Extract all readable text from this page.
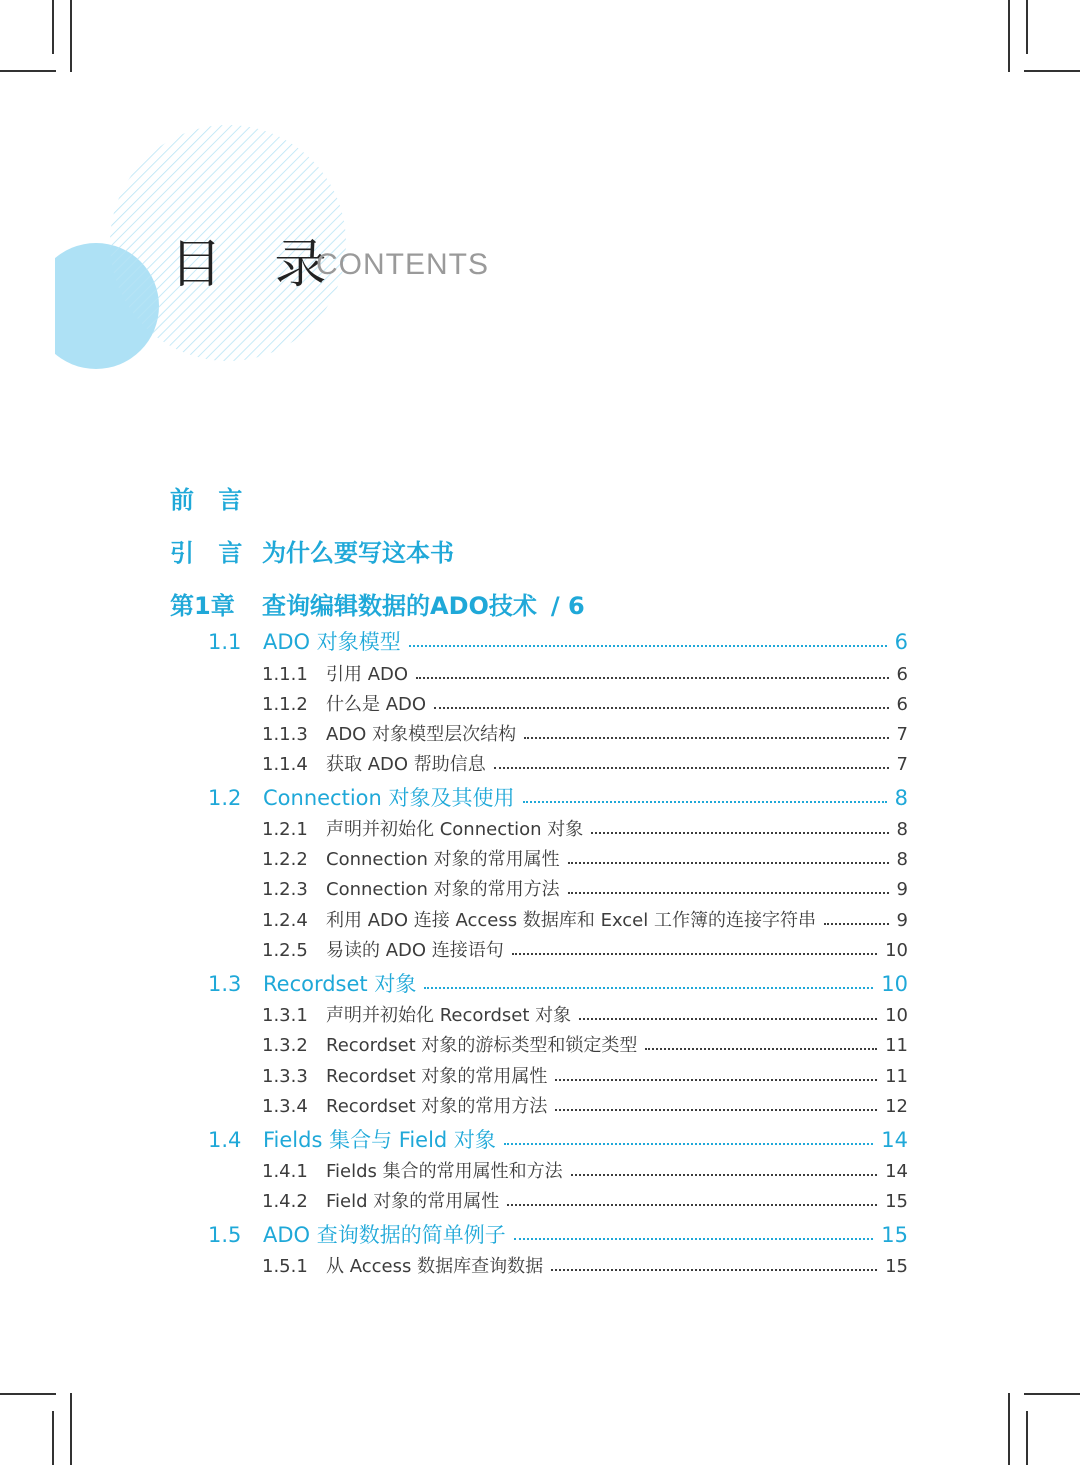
目 录
CONTENTS
前 言
引 言 为什么要写这本书
第1章	查询编辑数据的ADO技术 / 6
1.1	ADO 对象模型	6
1.1.1	引用 ADO	6
1.1.2	什么是 ADO	6
1.1.3	ADO 对象模型层次结构	7
1.1.4	获取 ADO 帮助信息	7
1.2	Connection 对象及其使用	8
1.2.1	声明并初始化 Connection 对象	8
1.2.2	Connection 对象的常用属性	8
1.2.3	Connection 对象的常用方法	9
1.2.4	利用 ADO 连接 Access 数据库和 Excel 工作簿的连接字符串	9
1.2.5	易读的 ADO 连接语句	10
1.3	Recordset 对象	10
1.3.1	声明并初始化 Recordset 对象	10
1.3.2	Recordset 对象的游标类型和锁定类型	11
1.3.3	Recordset 对象的常用属性	11
1.3.4	Recordset 对象的常用方法	12
1.4	Fields 集合与 Field 对象	14
1.4.1	Fields 集合的常用属性和方法	14
1.4.2	Field 对象的常用属性	15
1.5	ADO 查询数据的简单例子	15
1.5.1	从 Access 数据库查询数据	15
